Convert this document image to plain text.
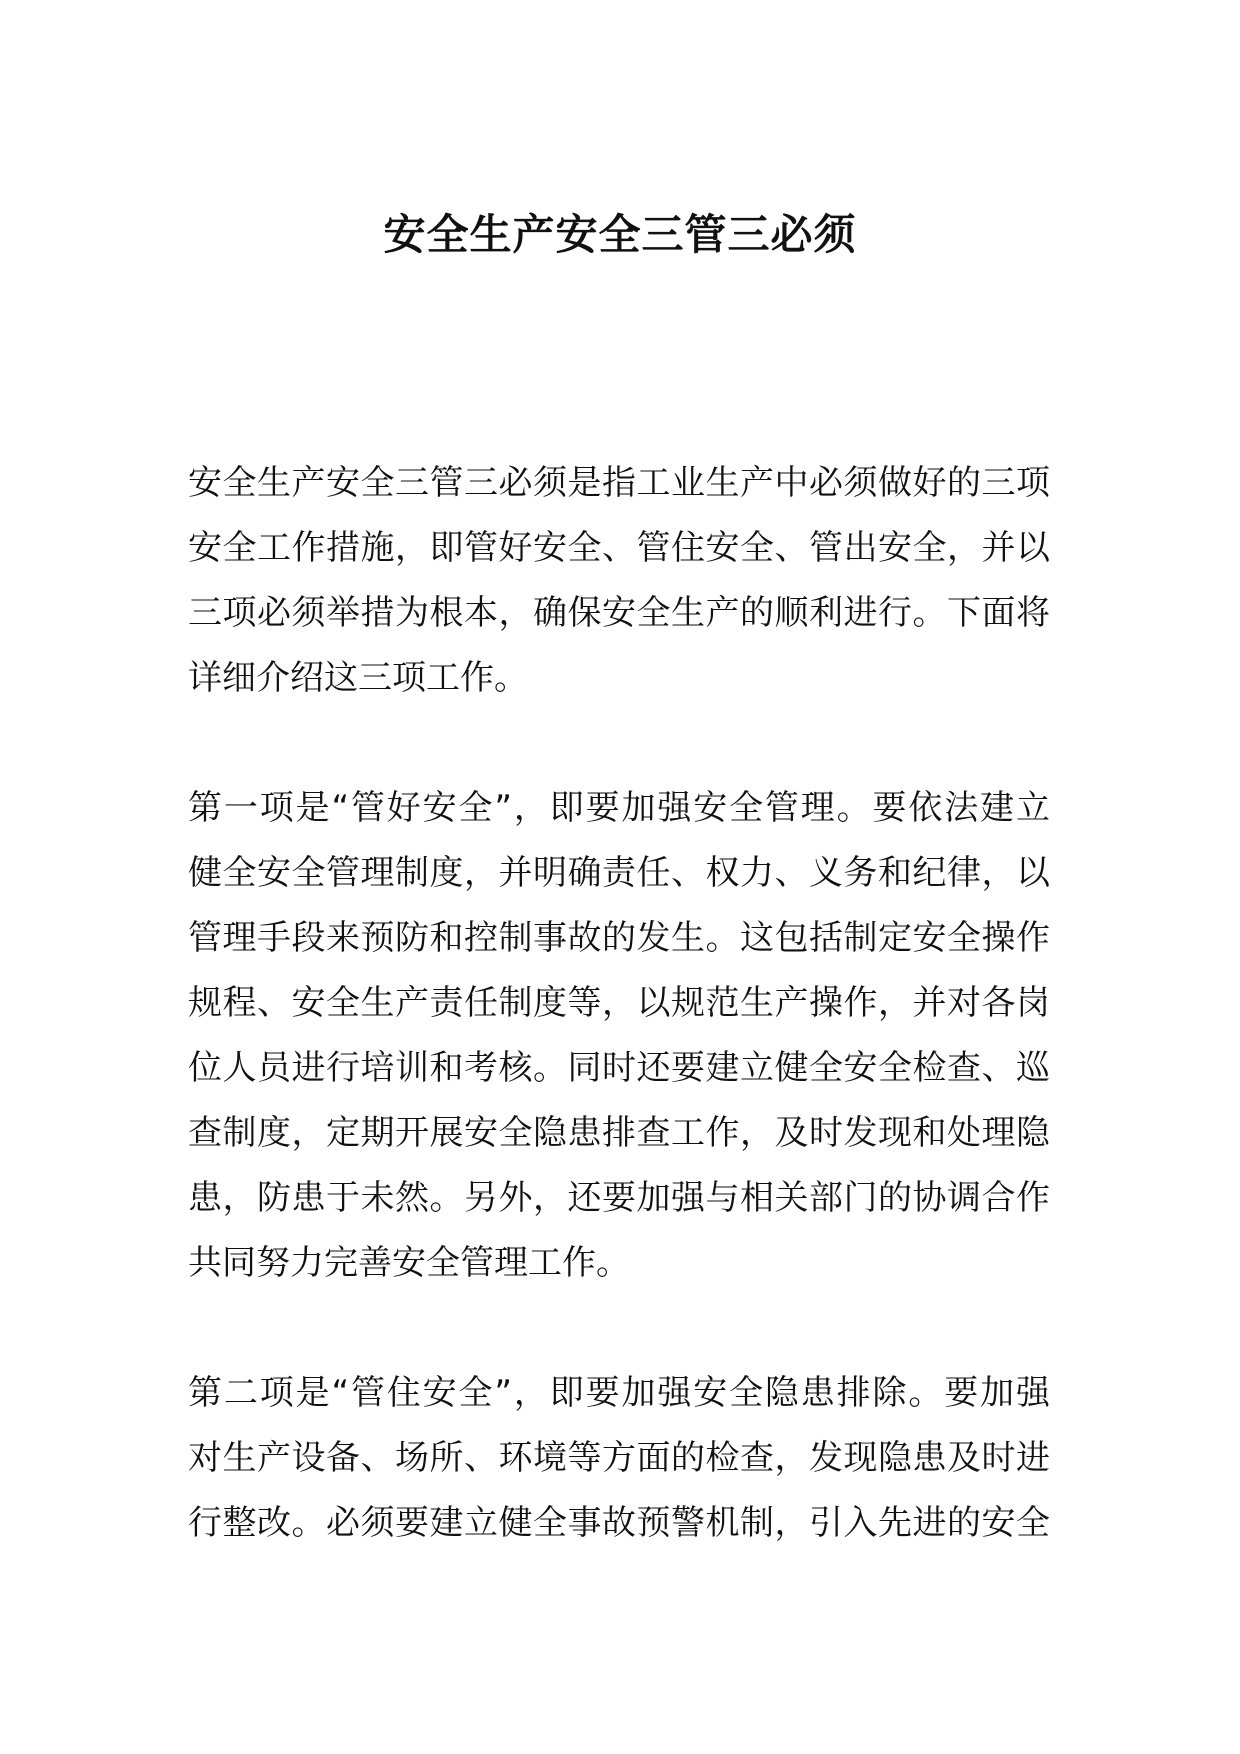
安全生产安全三管三必须
安全生产安全三管三必须是指工业生产中必须做好的三项
安全工作措施，即管好安全、管住安全、管出安全，并以
三项必须举措为根本，确保安全生产的顺利进行。下面将
详细介绍这三项工作。
第一项是“管好安全”，即要加强安全管理。要依法建立
健全安全管理制度，并明确责任、权力、义务和纪律，以
管理手段来预防和控制事故的发生。这包括制定安全操作
规程、安全生产责任制度等，以规范生产操作，并对各岗
位人员进行培训和考核。同时还要建立健全安全检查、巡
查制度，定期开展安全隐患排查工作，及时发现和处理隐
患，防患于未然。另外，还要加强与相关部门的协调合作
共同努力完善安全管理工作。
第二项是“管住安全”，即要加强安全隐患排除。要加强
对生产设备、场所、环境等方面的检查，发现隐患及时进
行整改。必须要建立健全事故预警机制，引入先进的安全
